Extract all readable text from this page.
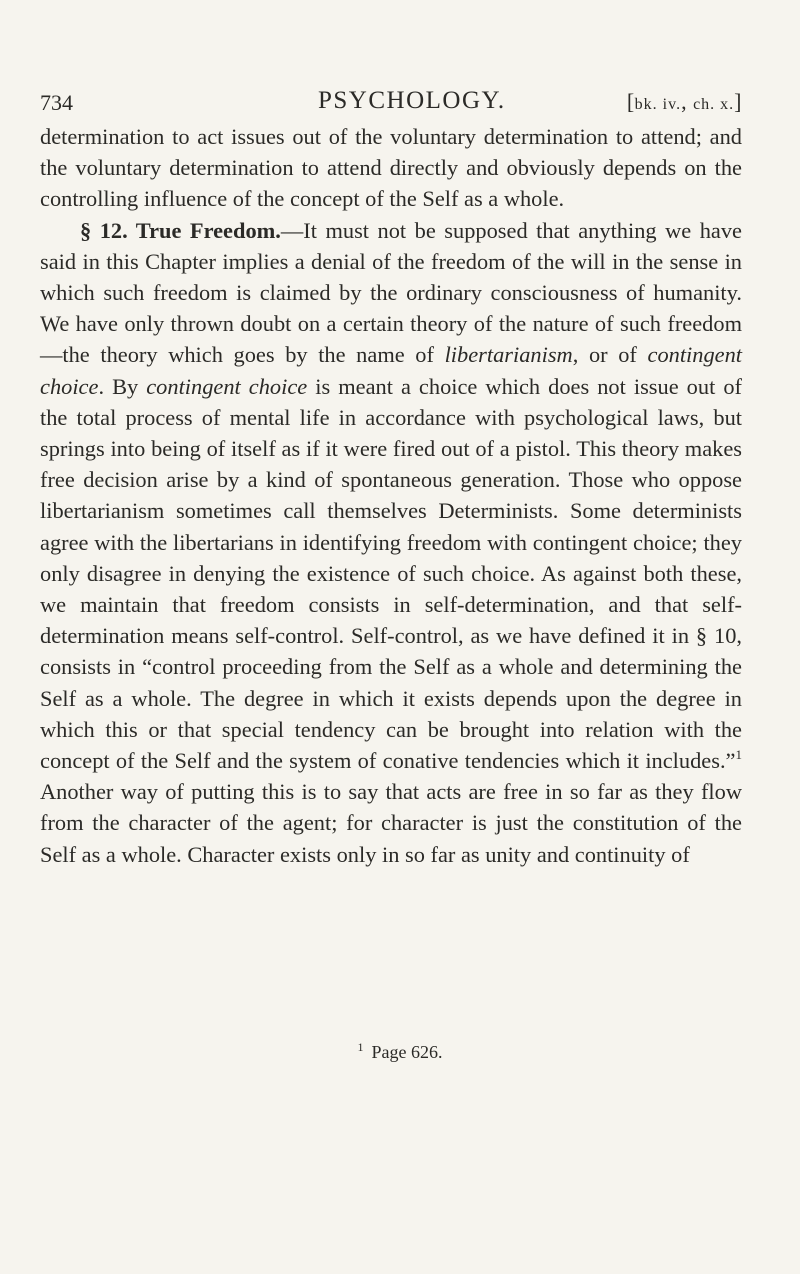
734	PSYCHOLOGY.	[bk. iv., ch. x.]

determination to act issues out of the voluntary determination to attend; and the voluntary determination to attend directly and obviously depends on the controlling influence of the concept of the Self as a whole.

§ 12. True Freedom.—It must not be supposed that anything we have said in this Chapter implies a denial of the freedom of the will in the sense in which such freedom is claimed by the ordinary consciousness of humanity. We have only thrown doubt on a certain theory of the nature of such freedom—the theory which goes by the name of libertarianism, or of contingent choice. By contingent choice is meant a choice which does not issue out of the total process of mental life in accordance with psychological laws, but springs into being of itself as if it were fired out of a pistol. This theory makes free decision arise by a kind of spontaneous generation. Those who oppose libertarianism sometimes call themselves Determinists. Some determinists agree with the libertarians in identifying freedom with contingent choice; they only disagree in denying the existence of such choice. As against both these, we maintain that freedom consists in self-determination, and that self-determination means self-control. Self-control, as we have defined it in § 10, consists in “control proceeding from the Self as a whole and determining the Self as a whole. The degree in which it exists depends upon the degree in which this or that special tendency can be brought into relation with the concept of the Self and the system of conative tendencies which it includes.”$^1$ Another way of putting this is to say that acts are free in so far as they flow from the character of the agent; for character is just the constitution of the Self as a whole. Character exists only in so far as unity and continuity of

$^1$ Page 626.
